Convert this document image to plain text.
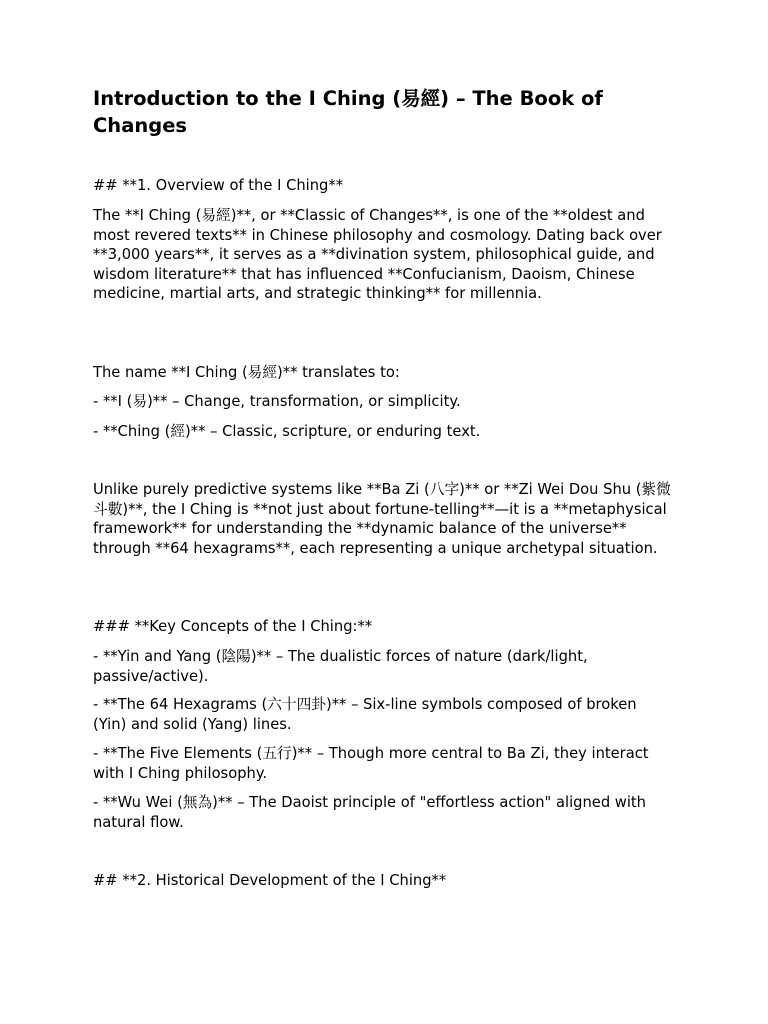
Introduction to the I Ching (易經) – The Book of Changes

## **1. Overview of the I Ching**

The **I Ching (易經)**, or **Classic of Changes**, is one of the **oldest and most revered texts** in Chinese philosophy and cosmology. Dating back over **3,000 years**, it serves as a **divination system, philosophical guide, and wisdom literature** that has influenced **Confucianism, Daoism, Chinese medicine, martial arts, and strategic thinking** for millennia.

The name **I Ching (易經)** translates to:

- **I (易)** – Change, transformation, or simplicity.

- **Ching (經)** – Classic, scripture, or enduring text.

Unlike purely predictive systems like **Ba Zi (八字)** or **Zi Wei Dou Shu (紫微斗數)**, the I Ching is **not just about fortune-telling**—it is a **metaphysical framework** for understanding the **dynamic balance of the universe** through **64 hexagrams**, each representing a unique archetypal situation.

### **Key Concepts of the I Ching:**

- **Yin and Yang (陰陽)** – The dualistic forces of nature (dark/light, passive/active).

- **The 64 Hexagrams (六十四卦)** – Six-line symbols composed of broken (Yin) and solid (Yang) lines.

- **The Five Elements (五行)** – Though more central to Ba Zi, they interact with I Ching philosophy.

- **Wu Wei (無為)** – The Daoist principle of "effortless action" aligned with natural flow.

## **2. Historical Development of the I Ching**
